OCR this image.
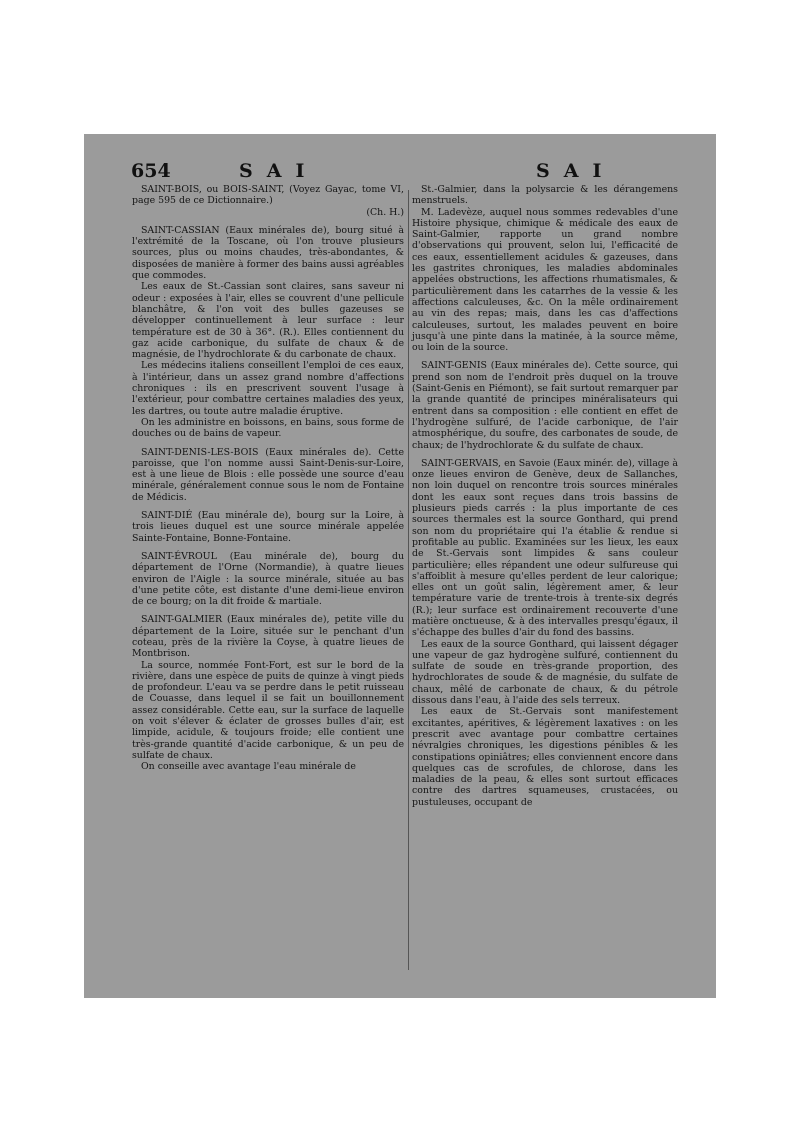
654	SAI	SAI

SAINT-BOIS, ou BOIS-SAINT, (Voyez Gayac, tome VI, page 595 de ce Dictionnaire.)

(Ch. H.)

SAINT-CASSIAN (Eaux minérales de), bourg situé à l'extrémité de la Toscane, où l'on trouve plusieurs sources, plus ou moins chaudes, très-abondantes, & disposées de manière à former des bains aussi agréables que commodes.

Les eaux de St.-Cassian sont claires, sans saveur ni odeur : exposées à l'air, elles se couvrent d'une pellicule blanchâtre, & l'on voit des bulles gazeuses se développer continuellement à leur surface : leur température est de 30 à 36°. (R.). Elles contiennent du gaz acide carbonique, du sulfate de chaux & de magnésie, de l'hydrochlorate & du carbonate de chaux.

Les médecins italiens conseillent l'emploi de ces eaux, à l'intérieur, dans un assez grand nombre d'affections chroniques : ils en prescrivent souvent l'usage à l'extérieur, pour combattre certaines maladies des yeux, les dartres, ou toute autre maladie éruptive.

On les administre en boissons, en bains, sous forme de douches ou de bains de vapeur.

SAINT-DENIS-LES-BOIS (Eaux minérales de). Cette paroisse, que l'on nomme aussi Saint-Denis-sur-Loire, est à une lieue de Blois : elle possède une source d'eau minérale, généralement connue sous le nom de Fontaine de Médicis.

SAINT-DIÉ (Eau minérale de), bourg sur la Loire, à trois lieues duquel est une source minérale appelée Sainte-Fontaine, Bonne-Fontaine.

SAINT-ÉVROUL (Eau minérale de), bourg du département de l'Orne (Normandie), à quatre lieues environ de l'Aigle : la source minérale, située au bas d'une petite côte, est distante d'une demi-lieue environ de ce bourg; on la dit froide & martiale.

SAINT-GALMIER (Eaux minérales de), petite ville du département de la Loire, située sur le penchant d'un coteau, près de la rivière la Coyse, à quatre lieues de Montbrison.

La source, nommée Font-Fort, est sur le bord de la rivière, dans une espèce de puits de quinze à vingt pieds de profondeur. L'eau va se perdre dans le petit ruisseau de Couasse, dans lequel il se fait un bouillonnement assez considérable. Cette eau, sur la surface de laquelle on voit s'élever & éclater de grosses bulles d'air, est limpide, acidule, & toujours froide; elle contient une très-grande quantité d'acide carbonique, & un peu de sulfate de chaux.

On conseille avec avantage l'eau minérale de

St.-Galmier, dans la polysarcie & les dérangemens menstruels.

M. Ladevèze, auquel nous sommes redevables d'une Histoire physique, chimique & médicale des eaux de Saint-Galmier, rapporte un grand nombre d'observations qui prouvent, selon lui, l'efficacité de ces eaux, essentiellement acidules & gazeuses, dans les gastrites chroniques, les maladies abdominales appelées obstructions, les affections rhumatismales, & particulièrement dans les catarrhes de la vessie & les affections calculeuses, &c. On la mêle ordinairement au vin des repas; mais, dans les cas d'affections calculeuses, surtout, les malades peuvent en boire jusqu'à une pinte dans la matinée, à la source même, ou loin de la source.

SAINT-GENIS (Eaux minérales de). Cette source, qui prend son nom de l'endroit près duquel on la trouve (Saint-Genis en Piémont), se fait surtout remarquer par la grande quantité de principes minéralisateurs qui entrent dans sa composition : elle contient en effet de l'hydrogène sulfuré, de l'acide carbonique, de l'air atmosphérique, du soufre, des carbonates de soude, de chaux; de l'hydrochlorate & du sulfate de chaux.

SAINT-GERVAIS, en Savoie (Eaux minér. de), village à onze lieues environ de Genève, deux de Sallanches, non loin duquel on rencontre trois sources minérales dont les eaux sont reçues dans trois bassins de plusieurs pieds carrés : la plus importante de ces sources thermales est la source Gonthard, qui prend son nom du propriétaire qui l'a établie & rendue si profitable au public. Examinées sur les lieux, les eaux de St.-Gervais sont limpides & sans couleur particulière; elles répandent une odeur sulfureuse qui s'affoiblit à mesure qu'elles perdent de leur calorique; elles ont un goût salin, légèrement amer, & leur température varie de trente-trois à trente-six degrés (R.); leur surface est ordinairement recouverte d'une matière onctueuse, & à des intervalles presqu'égaux, il s'échappe des bulles d'air du fond des bassins.

Les eaux de la source Gonthard, qui laissent dégager une vapeur de gaz hydrogène sulfuré, contiennent du sulfate de soude en très-grande proportion, des hydrochlorates de soude & de magnésie, du sulfate de chaux, mêlé de carbonate de chaux, & du pétrole dissous dans l'eau, à l'aide des sels terreux.

Les eaux de St.-Gervais sont manifestement excitantes, apéritives, & légèrement laxatives : on les prescrit avec avantage pour combattre certaines névralgies chroniques, les digestions pénibles & les constipations opiniâtres; elles conviennent encore dans quelques cas de scrofules, de chlorose, dans les maladies de la peau, & elles sont surtout efficaces contre des dartres squameuses, crustacées, ou pustuleuses, occupant de
